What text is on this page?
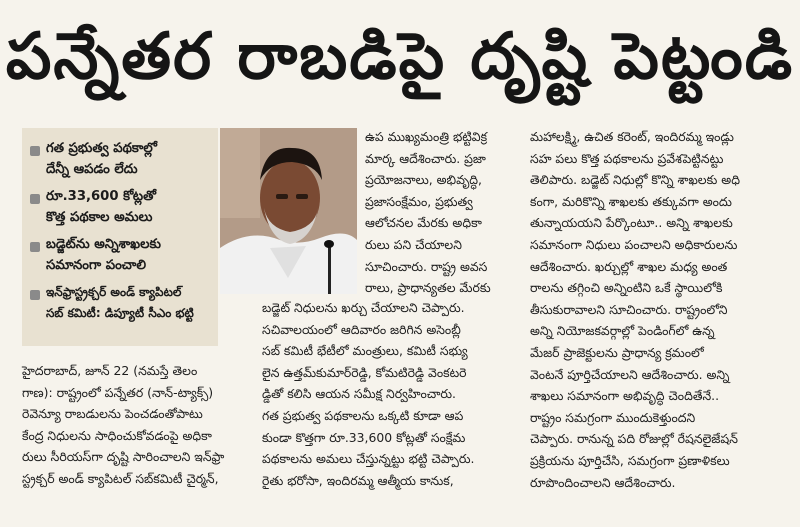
పన్నేతర రాబడిపై దృష్టి పెట్టండి
గత ప్రభుత్వ పథకాల్లో
దేన్నీ ఆపడం లేదు
రూ.33,600 కోట్లతో
కొత్త పథకాల అమలు
బడ్జెట్‌ను అన్నిశాఖలకు
సమానంగా పంచాలి
ఇన్‌ఫ్రాస్ట్రక్చర్ అండ్ క్యాపిటల్
సబ్ కమిటీ: డిప్యూటీ సీఎం భట్టి

హైదరాబాద్, జూన్ 22 (నమస్తే తెలం

గాణ): రాష్ట్రంలో పన్నేతర (నాన్-ట్యాక్స్)

రెవెన్యూ రాబడులను పెంచడంతోపాటు

కేంద్ర నిధులను సాధించుకోవడంపై అధికా

రులు సీరియస్‌గా దృష్టి సారించాలని ఇన్‌ఫ్రా

స్ట్రక్చర్ అండ్ క్యాపిటల్ సబ్‌కమిటీ చైర్మన్,

ఉప ముఖ్యమంత్రి భట్టివిక్ర

మార్క ఆదేశించారు. ప్రజా

ప్రయోజనాలు, అభివృద్ధి,

ప్రజాసంక్షేమం, ప్రభుత్వ

ఆలోచనల మేరకు అధికా

రులు పని చేయాలని

సూచించారు. రాష్ట్ర అవస

రాలు, ప్రాధాన్యతల మేరకు

బడ్జెట్ నిధులను ఖర్చు చేయాలని చెప్పారు.

సచివాలయంలో ఆదివారం జరిగిన అసెంబ్లీ

సబ్ కమిటీ భేటీలో మంత్రులు, కమిటీ సభ్యు

లైన ఉత్తమ్‌కుమార్‌రెడ్డి, కోమటిరెడ్డి వెంకటరె

డ్డితో కలిసి ఆయన సమీక్ష నిర్వహించారు.

గత ప్రభుత్వ పథకాలను ఒక్కటి కూడా ఆప

కుండా కొత్తగా రూ.33,600 కోట్లతో సంక్షేమ

పథకాలను అమలు చేస్తున్నట్టు భట్టి చెప్పారు.

రైతు భరోసా, ఇందిరమ్మ ఆత్మీయ కానుక,

మహాలక్ష్మి, ఉచిత కరెంట్, ఇందిరమ్మ ఇండ్లు

సహ పలు కొత్త పథకాలను ప్రవేశపెట్టినట్టు

తెలిపారు. బడ్జెట్ నిధుల్లో కొన్ని శాఖలకు అధి

కంగా, మరికొన్ని శాఖలకు తక్కువగా అందు

తున్నాయయని పేర్కొంటూ.. అన్ని శాఖలకు

సమానంగా నిధులు పంచాలని అధికారులను

ఆదేశించారు. ఖర్చుల్లో శాఖల మధ్య అంత

రాలను తగ్గించి అన్నింటిని ఒకే స్థాయిలోకి

తీసుకురావాలని సూచించారు. రాష్ట్రంలోని

అన్ని నియోజకవర్గాల్లో పెండింగ్‌లో ఉన్న

మేజర్ ప్రాజెక్టులను ప్రాధాన్య క్రమంలో

వెంటనే పూర్తిచేయాలని ఆదేశించారు. అన్ని

శాఖలు సమానంగా అభివృద్ధి చెందితేనే..

రాష్ట్రం సమగ్రంగా ముందుకెళ్తుందని

చెప్పారు. రానున్న పది రోజుల్లో రేషనలైజేషన్

ప్రక్రియను పూర్తిచేసి, సమగ్రంగా ప్రణాళికలు

రూపొందించాలని ఆదేశించారు.
